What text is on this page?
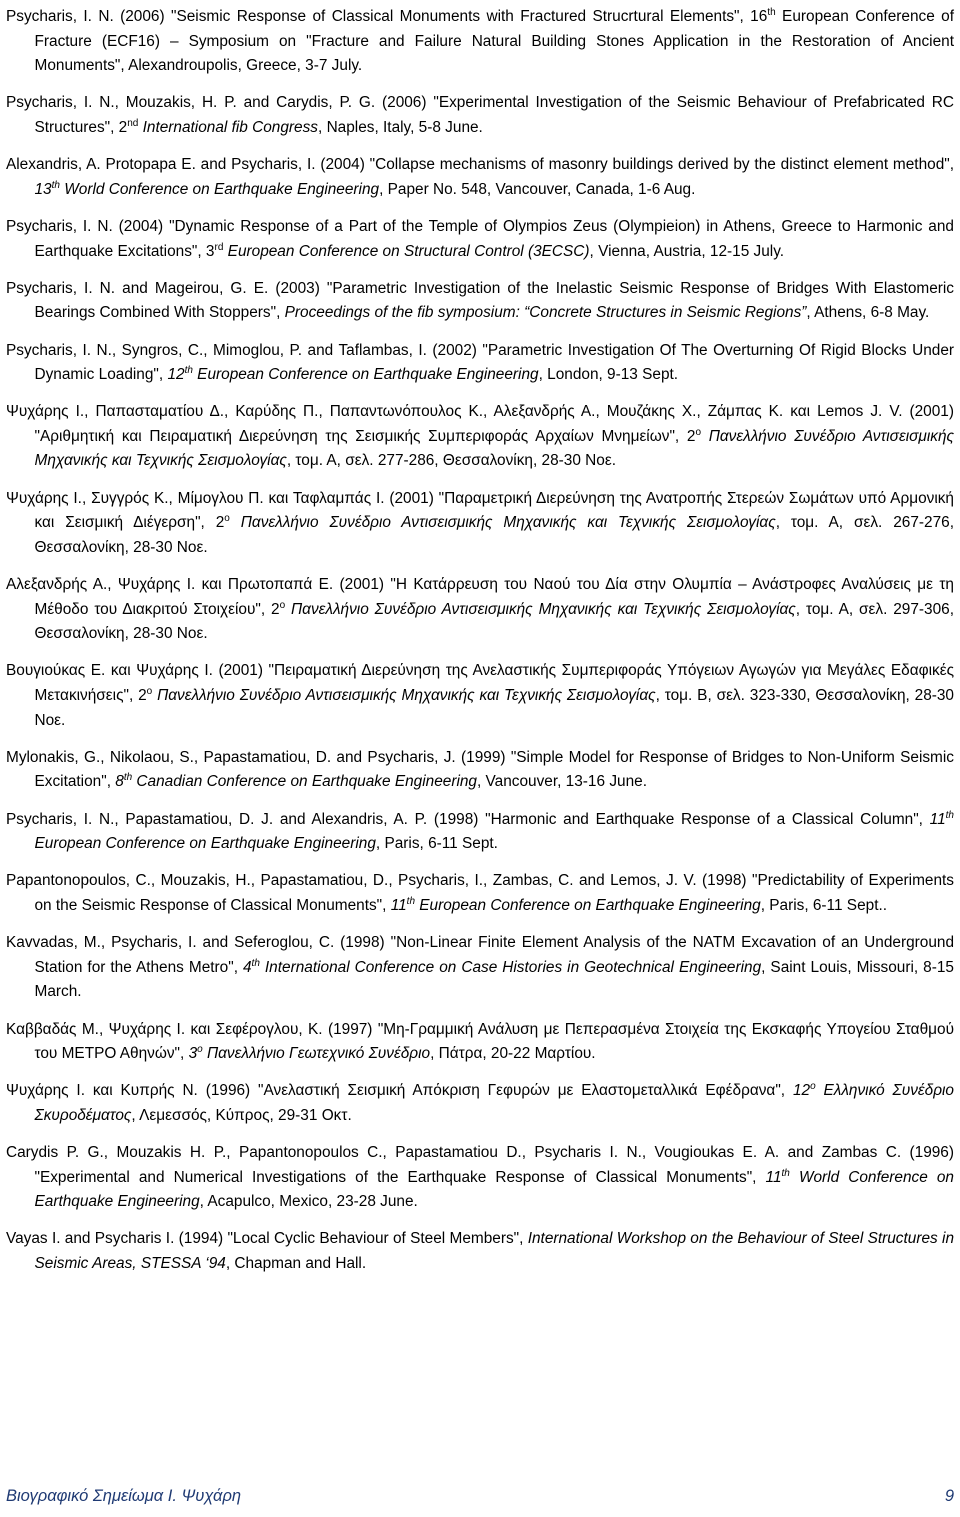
Psycharis, I. N. (2006) "Seismic Response of Classical Monuments with Fractured Strucrtural Elements", 16th European Conference of Fracture (ECF16) – Symposium on "Fracture and Failure Natural Building Stones Application in the Restoration of Ancient Monuments", Alexandroupolis, Greece, 3-7 July.

Psycharis, I. N., Mouzakis, H. P. and Carydis, P. G. (2006) "Experimental Investigation of the Seismic Behaviour of Prefabricated RC Structures", 2nd International fib Congress, Naples, Italy, 5-8 June.

Alexandris, A. Protopapa E. and Psycharis, I. (2004) "Collapse mechanisms of masonry buildings derived by the distinct element method", 13th World Conference on Earthquake Engineering, Paper No. 548, Vancouver, Canada, 1-6 Aug.

Psycharis, I. N. (2004) "Dynamic Response of a Part of the Temple of Olympios Zeus (Olympieion) in Athens, Greece to Harmonic and Earthquake Excitations", 3rd European Conference on Structural Control (3ECSC), Vienna, Austria, 12-15 July.

Psycharis, I. N. and Mageirou, G. E. (2003) "Parametric Investigation of the Inelastic Seismic Response of Bridges With Elastomeric Bearings Combined With Stoppers", Proceedings of the fib symposium: “Concrete Structures in Seismic Regions”, Athens, 6-8 May.

Psycharis, I. N., Syngros, C., Mimoglou, P. and Taflambas, I. (2002) "Parametric Investigation Of The Overturning Of Rigid Blocks Under Dynamic Loading", 12th European Conference on Earthquake Engineering, London, 9-13 Sept.

Ψυχάρης Ι., Παπασταματίου Δ., Καρύδης Π., Παπαντωνόπουλος Κ., Αλεξανδρής Α., Μουζάκης Χ., Ζάμπας Κ. και Lemos J. V. (2001) "Αριθμητική και Πειραματική Διερεύνηση της Σεισμικής Συμπεριφοράς Αρχαίων Μνημείων", $2^o$ Πανελλήνιο Συνέδριο Αντισεισμικής Μηχανικής και Τεχνικής Σεισμολογίας, τομ. Α, σελ. 277-286, Θεσσαλονίκη, 28-30 Νοε.

Ψυχάρης Ι., Συγγρός Κ., Μίμογλου Π. και Ταφλαμπάς Ι. (2001) "Παραμετρική Διερεύνηση της Ανατροπής Στερεών Σωμάτων υπό Αρμονική και Σεισμική Διέγερση", $2^o$ Πανελλήνιο Συνέδριο Αντισεισμικής Μηχανικής και Τεχνικής Σεισμολογίας, τομ. Α, σελ. 267-276, Θεσσαλονίκη, 28-30 Νοε.

Αλεξανδρής Α., Ψυχάρης Ι. και Πρωτοπαπά Ε. (2001) "Η Κατάρρευση του Ναού του Δία στην Ολυμπία – Ανάστροφες Αναλύσεις με τη Μέθοδο του Διακριτού Στοιχείου", $2^o$ Πανελλήνιο Συνέδριο Αντισεισμικής Μηχανικής και Τεχνικής Σεισμολογίας, τομ. Α, σελ. 297-306, Θεσσαλονίκη, 28-30 Νοε.

Βουγιούκας Ε. και Ψυχάρης Ι. (2001) "Πειραματική Διερεύνηση της Ανελαστικής Συμπεριφοράς Υπόγειων Αγωγών για Μεγάλες Εδαφικές Μετακινήσεις", $2^o$ Πανελλήνιο Συνέδριο Αντισεισμικής Μηχανικής και Τεχνικής Σεισμολογίας, τομ. Β, σελ. 323-330, Θεσσαλονίκη, 28-30 Νοε.

Mylonakis, G., Nikolaou, S., Papastamatiou, D. and Psycharis, J. (1999) "Simple Model for Response of Bridges to Non-Uniform Seismic Excitation", 8th Canadian Conference on Earthquake Engineering, Vancouver, 13-16 June.

Psycharis, I. N., Papastamatiou, D. J. and Alexandris, A. P. (1998) "Harmonic and Earthquake Response of a Classical Column", 11th European Conference on Earthquake Engineering, Paris, 6-11 Sept.

Papantonopoulos, C., Mouzakis, H., Papastamatiou, D., Psycharis, I., Zambas, C. and Lemos, J. V. (1998) "Predictability of Experiments on the Seismic Response of Classical Monuments", 11th European Conference on Earthquake Engineering, Paris, 6-11 Sept..

Kavvadas, M., Psycharis, I. and Seferoglou, C. (1998) "Non-Linear Finite Element Analysis of the NATM Excavation of an Underground Station for the Athens Metro", 4th International Conference on Case Histories in Geotechnical Engineering, Saint Louis, Missouri, 8-15 March.

Καββαδάς Μ., Ψυχάρης Ι. και Σεφέρογλου, Κ. (1997) "Μη-Γραμμική Ανάλυση με Πεπερασμένα Στοιχεία της Εκσκαφής Υπογείου Σταθμού του ΜΕΤΡΟ Αθηνών", $3^o$ Πανελλήνιο Γεωτεχνικό Συνέδριο, Πάτρα, 20-22 Μαρτίου.

Ψυχάρης Ι. και Κυπρής Ν. (1996) "Ανελαστική Σεισμική Απόκριση Γεφυρών με Ελαστομεταλλικά Εφέδρανα", $12^o$ Ελληνικό Συνέδριο Σκυροδέματος, Λεμεσσός, Κύπρος, 29-31 Οκτ.

Carydis P. G., Mouzakis H. P., Papantonopoulos C., Papastamatiou D., Psycharis I. N., Vougioukas E. A. and Zambas C. (1996) "Experimental and Numerical Investigations of the Earthquake Response of Classical Monuments", 11th World Conference on Earthquake Engineering, Acapulco, Mexico, 23-28 June.

Vayas I. and Psycharis I. (1994) "Local Cyclic Behaviour of Steel Members", International Workshop on the Behaviour of Steel Structures in Seismic Areas, STESSA ‘94, Chapman and Hall.

Βιογραφικό Σημείωμα Ι. Ψυχάρη	9
